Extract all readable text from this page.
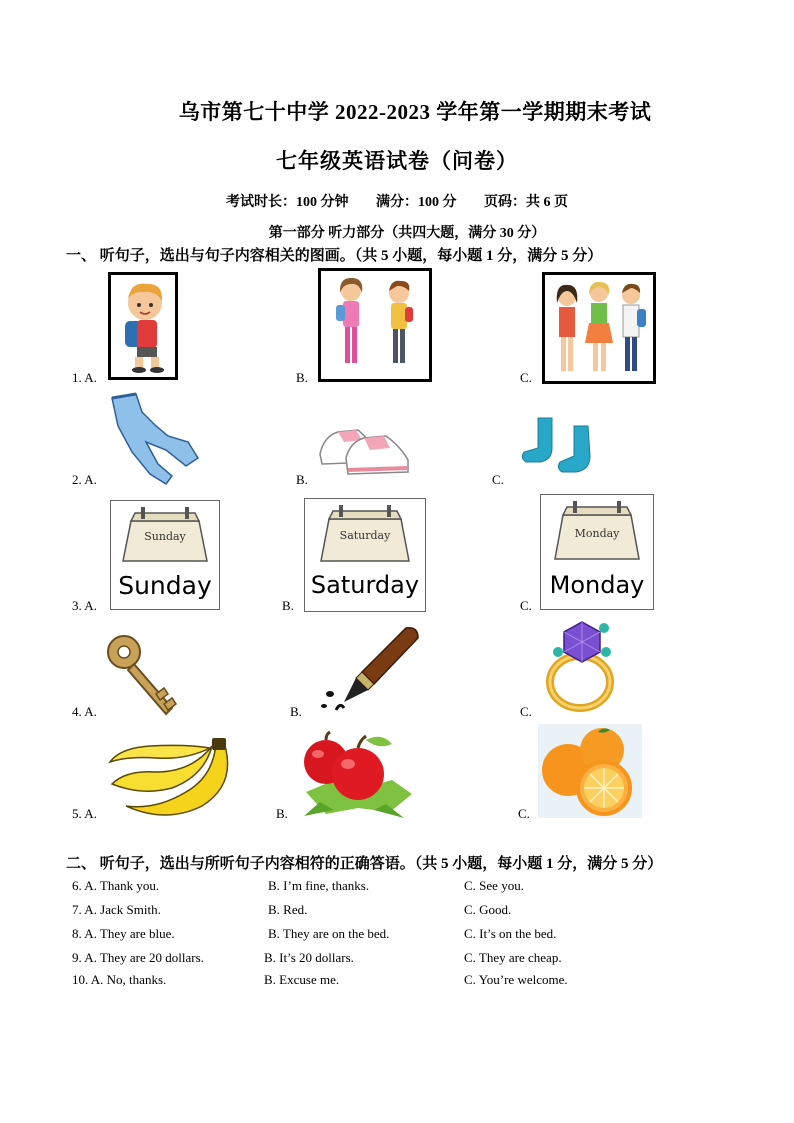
乌市第七十中学 2022-2023 学年第一学期期末考试
七年级英语试卷（问卷）
考试时长：100 分钟 满分：100 分 页码：共 6 页
第一部分 听力部分（共四大题，满分 30 分）
一、 听句子，选出与句子内容相关的图画。（共 5 小题，每小题 1 分，满分 5 分）
1. A.	B.	C.
2. A.	B.	C.
3. A.	B.	C.
Sunday
Sunday
Saturday
Saturday
Monday
Monday
4. A.	B.	C.
5. A.	B.	C.
二、 听句子，选出与所听句子内容相符的正确答语。（共 5 小题，每小题 1 分，满分 5 分）
6. A. Thank you.	B. I’m fine, thanks.	C. See you.
7. A. Jack Smith.	B. Red.	C. Good.
8. A. They are blue.	B. They are on the bed.	C. It’s on the bed.
9. A. They are 20 dollars.	B. It’s 20 dollars.	C. They are cheap.
10. A. No, thanks.	B. Excuse me.	C. You’re welcome.
